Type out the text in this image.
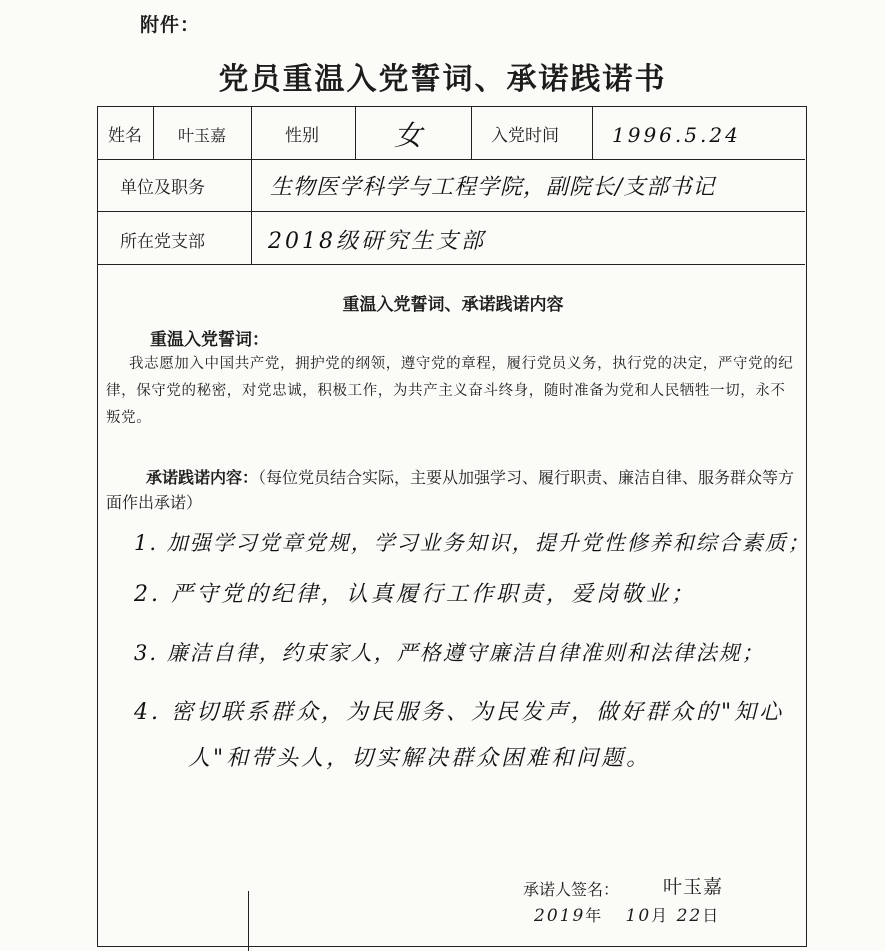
附件：
党员重温入党誓词、承诺践诺书
姓名 叶玉嘉	性别	女	入党时间	1996.5.24
单位及职务	生物医学科学与工程学院，副院长/支部书记
所在党支部	2018级研究生支部
重温入党誓词、承诺践诺内容
重温入党誓词：
我志愿加入中国共产党，拥护党的纲领，遵守党的章程，履行党员义务，执行党的决定，严守党的纪律，保守党的秘密，对党忠诚，积极工作，为共产主义奋斗终身，随时准备为党和人民牺牲一切，永不叛党。
承诺践诺内容：（每位党员结合实际，主要从加强学习、履行职责、廉洁自律、服务群众等方面作出承诺）
1. 加强学习党章党规，学习业务知识，提升党性修养和综合素质；
2. 严守党的纪律，认真履行工作职责，爱岗敬业；
3. 廉洁自律，约束家人，严格遵守廉洁自律准则和法律法规；
4. 密切联系群众，为民服务、为民发声，做好群众的"知心
人"和带头人，切实解决群众困难和问题。
承诺人签名： 叶玉嘉
2019年 10月 22日
